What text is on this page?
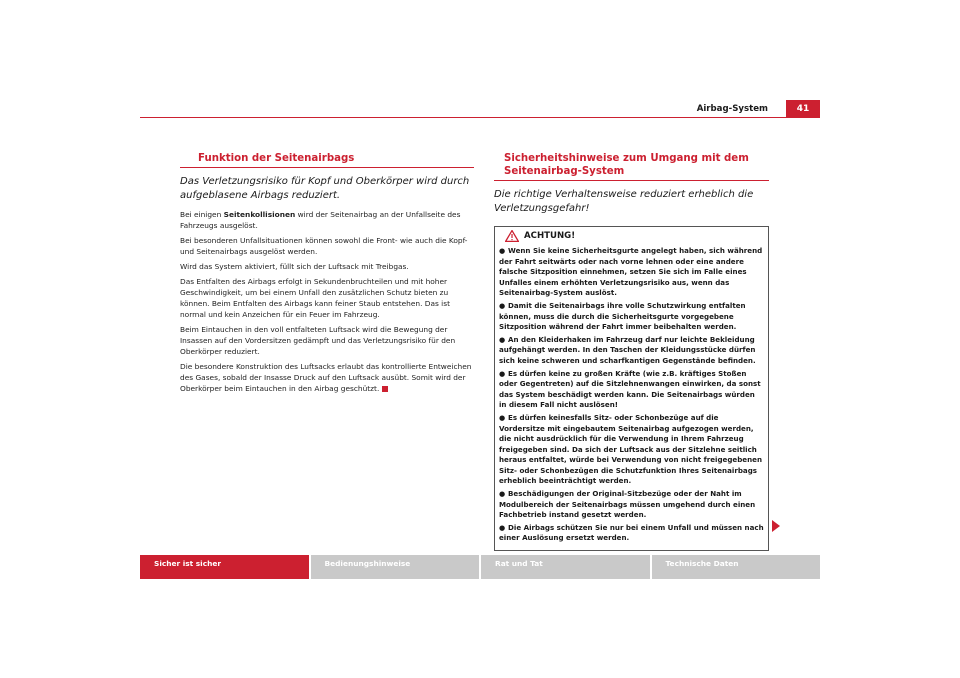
Airbag-System	41
Funktion der Seitenairbags
Das Verletzungsrisiko für Kopf und Oberkörper wird durch aufgeblasene Airbags reduziert.

Bei einigen Seitenkollisionen wird der Seitenairbag an der Unfallseite des Fahrzeugs ausgelöst.

Bei besonderen Unfallsituationen können sowohl die Front- wie auch die Kopf- und Seitenairbags ausgelöst werden.

Wird das System aktiviert, füllt sich der Luftsack mit Treibgas.

Das Entfalten des Airbags erfolgt in Sekundenbruchteilen und mit hoher Geschwindigkeit, um bei einem Unfall den zusätzlichen Schutz bieten zu können. Beim Entfalten des Airbags kann feiner Staub entstehen. Das ist normal und kein Anzeichen für ein Feuer im Fahrzeug.

Beim Eintauchen in den voll entfalteten Luftsack wird die Bewegung der Insassen auf den Vordersitzen gedämpft und das Verletzungsrisiko für den Oberkörper reduziert.

Die besondere Konstruktion des Luftsacks erlaubt das kontrollierte Entweichen des Gases, sobald der Insasse Druck auf den Luftsack ausübt. Somit wird der Oberkörper beim Eintauchen in den Airbag geschützt.

Sicherheitshinweise zum Umgang mit dem Seitenairbag-System
Die richtige Verhaltensweise reduziert erheblich die Verletzungsgefahr!
ACHTUNG!
● Wenn Sie keine Sicherheitsgurte angelegt haben, sich während der Fahrt seitwärts oder nach vorne lehnen oder eine andere falsche Sitzposition einnehmen, setzen Sie sich im Falle eines Unfalles einem erhöhten Verletzungsrisiko aus, wenn das Seitenairbag-System auslöst.
● Damit die Seitenairbags ihre volle Schutzwirkung entfalten können, muss die durch die Sicherheitsgurte vorgegebene Sitzposition während der Fahrt immer beibehalten werden.
● An den Kleiderhaken im Fahrzeug darf nur leichte Bekleidung aufgehängt werden. In den Taschen der Kleidungsstücke dürfen sich keine schweren und scharfkantigen Gegenstände befinden.
● Es dürfen keine zu großen Kräfte (wie z.B. kräftiges Stoßen oder Gegentreten) auf die Sitzlehnenwangen einwirken, da sonst das System beschädigt werden kann. Die Seitenairbags würden in diesem Fall nicht auslösen!
● Es dürfen keinesfalls Sitz- oder Schonbezüge auf die Vordersitze mit eingebautem Seitenairbag aufgezogen werden, die nicht ausdrücklich für die Verwendung in Ihrem Fahrzeug freigegeben sind. Da sich der Luftsack aus der Sitzlehne seitlich heraus entfaltet, würde bei Verwendung von nicht freigegebenen Sitz- oder Schonbezügen die Schutzfunktion Ihres Seitenairbags erheblich beeinträchtigt werden.
● Beschädigungen der Original-Sitzbezüge oder der Naht im Modulbereich der Seitenairbags müssen umgehend durch einen Fachbetrieb instand gesetzt werden.
● Die Airbags schützen Sie nur bei einem Unfall und müssen nach einer Auslösung ersetzt werden.
Sicher ist sicher	Bedienungshinweise	Rat und Tat	Technische Daten
